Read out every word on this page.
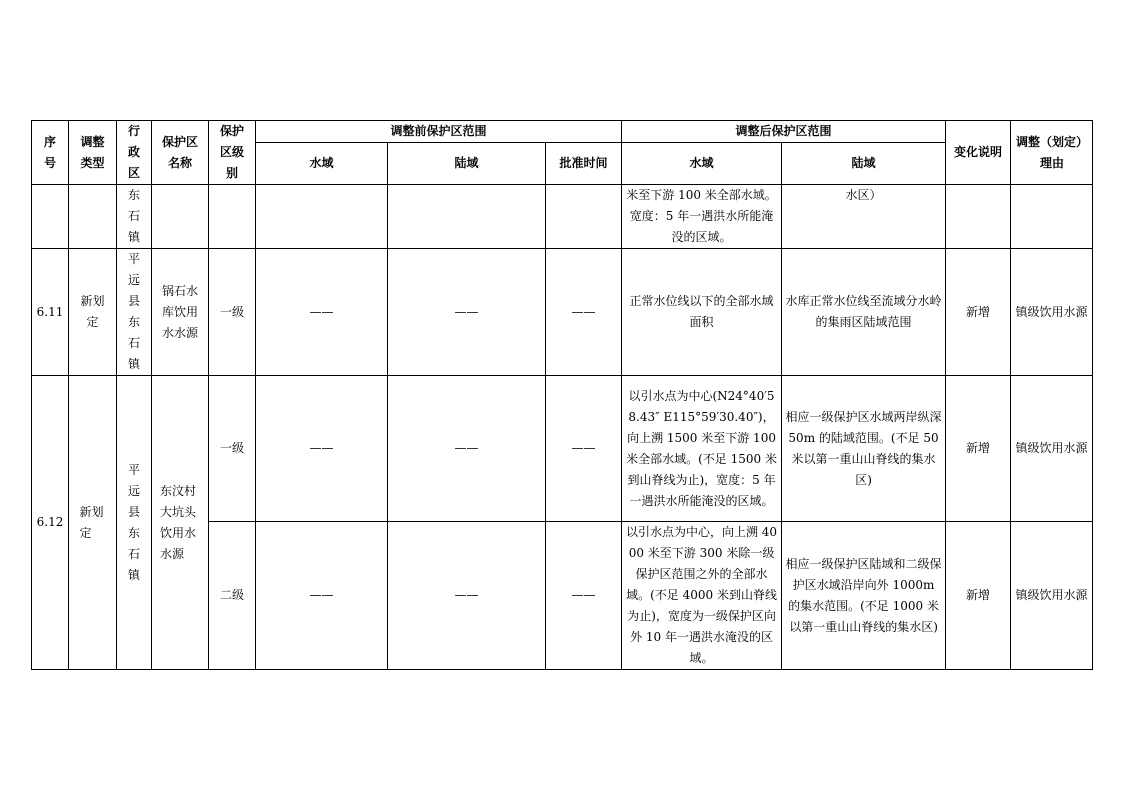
序号	调整类型	行政区	保护区名称	保护区级别	调整前保护区范围			调整后保护区范围		变化说明	调整（划定）理由

					水域	陆域	批准时间	水域	陆域		

		东石镇						米至下游 100 米全部水域。宽度：5 年一遇洪水所能淹没的区域。	水区）		
6.11	新划定	平远县东石镇	锅石水库饮用水水源	一级	——	——	——	正常水位线以下的全部水域面积	水库正常水位线至流域分水岭的集雨区陆域范围	新增	镇级饮用水源
6.12	新划定	平远县东石镇	东汶村大坑头饮用水水源	一级	——	——	——	以引水点为中心(N24°40′58.43″ E115°59′30.40″)，向上溯 1500 米至下游 100 米全部水域。(不足 1500 米到山脊线为止)，宽度：5 年一遇洪水所能淹没的区域。	相应一级保护区水域两岸纵深 50m 的陆域范围。(不足 50 米以第一重山山脊线的集水区)	新增	镇级饮用水源
				二级	——	——	——	以引水点为中心，向上溯 4000 米至下游 300 米除一级保护区范围之外的全部水域。(不足 4000 米到山脊线为止)，宽度为一级保护区向外 10 年一遇洪水淹没的区域。	相应一级保护区陆域和二级保护区水域沿岸向外 1000m 的集水范围。(不足 1000 米以第一重山山脊线的集水区)	新增	镇级饮用水源
